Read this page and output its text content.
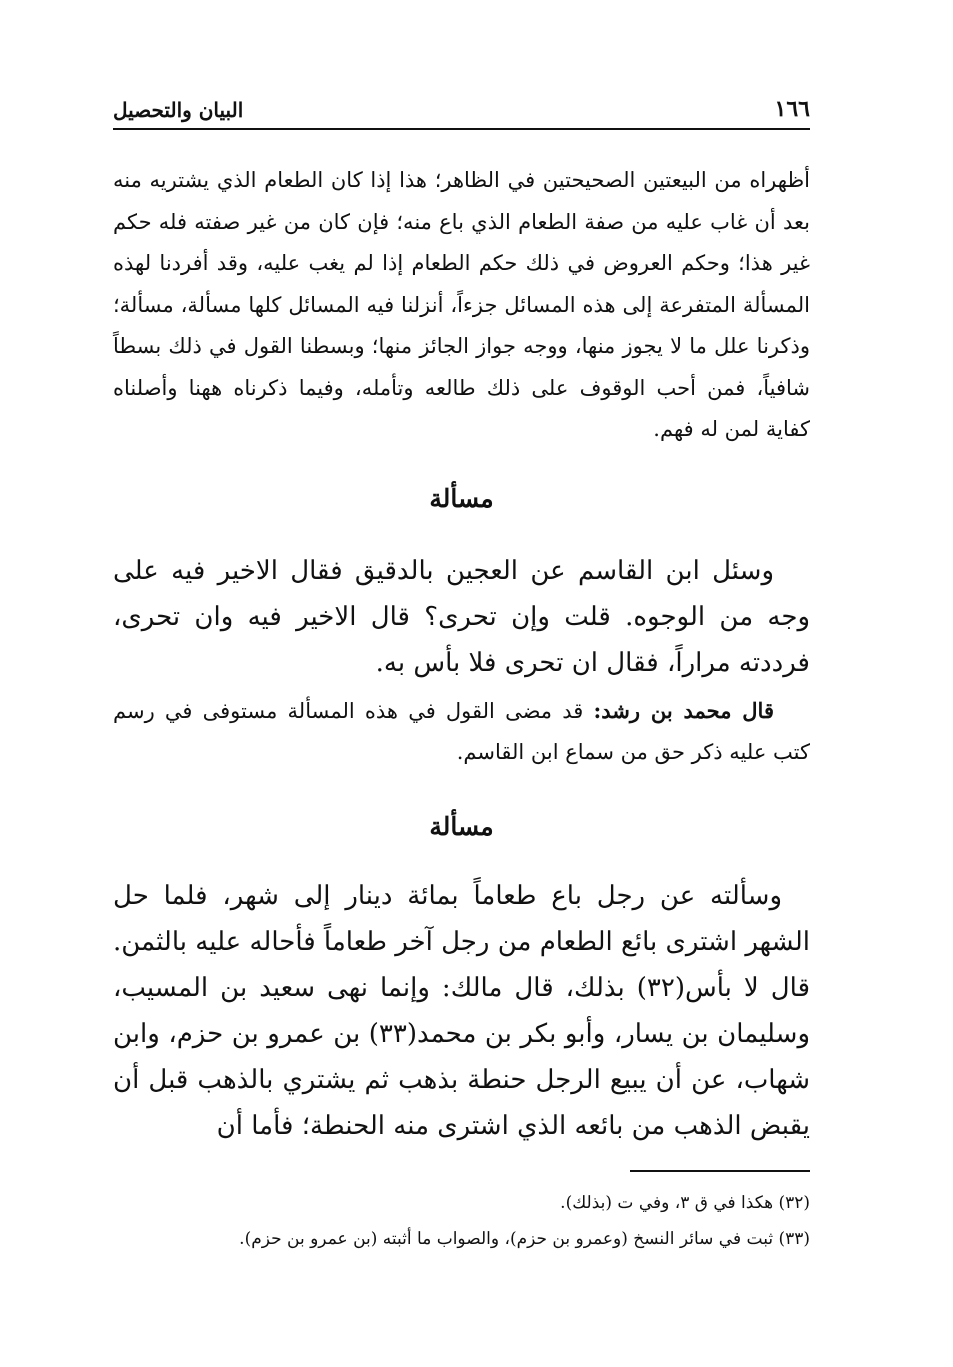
١٦٦
البيان والتحصيل
أظهراه من البيعتين الصحيحتين في الظاهر؛ هذا إذا كان الطعام الذي يشتريه منه بعد أن غاب عليه من صفة الطعام الذي باع منه؛ فإن كان من غير صفته فله حكم غير هذا؛ وحكم العروض في ذلك حكم الطعام إذا لم يغب عليه، وقد أفردنا لهذه المسألة المتفرعة إلى هذه المسائل جزءاً، أنزلنا فيه المسائل كلها مسألة، مسألة؛ وذكرنا علل ما لا يجوز منها، ووجه جواز الجائز منها؛ وبسطنا القول في ذلك بسطاً شافياً، فمن أحب الوقوف على ذلك طالعه وتأمله، وفيما ذكرناه ههنا وأصلناه كفاية لمن له فهم.
مسألة
وسئل ابن القاسم عن العجين بالدقيق فقال الاخير فيه على وجه من الوجوه. قلت وإن تحرى؟ قال الاخير فيه وان تحرى، فرددته مراراً، فقال ان تحرى فلا بأس به.
قال محمد بن رشد: قد مضى القول في هذه المسألة مستوفى في رسم كتب عليه ذكر حق من سماع ابن القاسم.
مسألة
وسألته عن رجل باع طعاماً بمائة دينار إلى شهر، فلما حل الشهر اشترى بائع الطعام من رجل آخر طعاماً فأحاله عليه بالثمن. قال لا بأس(٣٢) بذلك، قال مالك: وإنما نهى سعيد بن المسيب، وسليمان بن يسار، وأبو بكر بن محمد(٣٣) بن عمرو بن حزم، وابن شهاب، عن أن يبيع الرجل حنطة بذهب ثم يشتري بالذهب قبل أن يقبض الذهب من بائعه الذي اشترى منه الحنطة؛ فأما أن
(٣٢) هكذا في ق ٣، وفي ت (بذلك).
(٣٣) ثبت في سائر النسخ (وعمرو بن حزم)، والصواب ما أثبته (بن عمرو بن حزم).
